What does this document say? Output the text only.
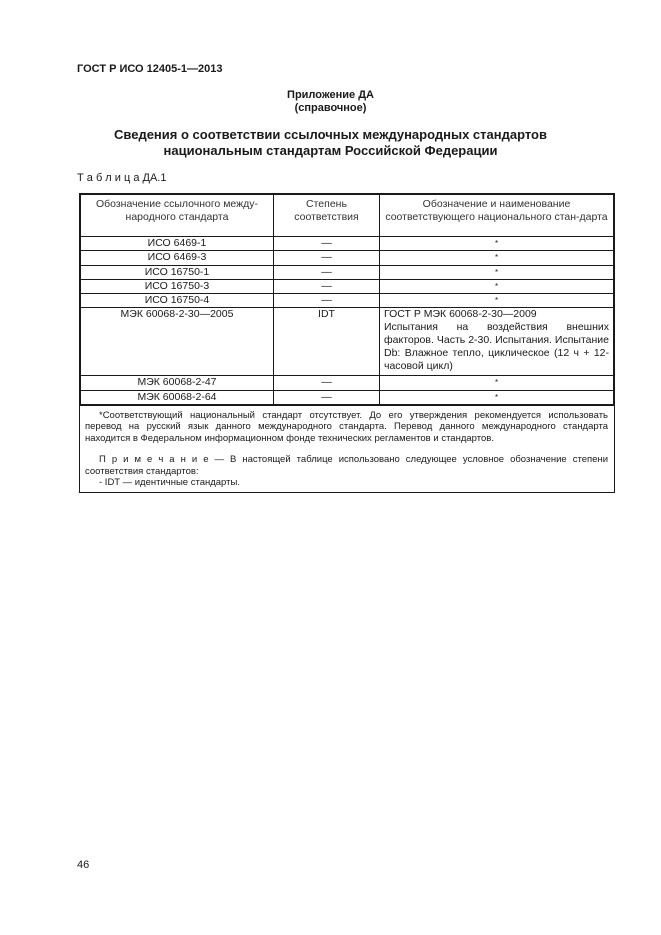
ГОСТ Р ИСО 12405-1—2013
Приложение ДА
(справочное)
Сведения о соответствии ссылочных международных стандартов
национальным стандартам Российской Федерации
Т а б л и ц а ДА.1
Обозначение ссылочного между-народного стандарта	Степень соответствия	Обозначение и наименование соответствующего национального стан-дарта
ИСО 6469-1	—	*
ИСО 6469-3	—	*
ИСО 16750-1	—	*
ИСО 16750-3	—	*
ИСО 16750-4	—	*
МЭК 60068-2-30—2005	IDT	ГОСТ Р МЭК 60068-2-30—2009
Испытания на воздействия внешних факторов. Часть 2-30. Испытания. Испытание Db: Влажное тепло, циклическое (12 ч + 12-часовой цикл)

МЭК 60068-2-47	—	*
МЭК 60068-2-64	—	*

*Соответствующий национальный стандарт отсутствует. До его утверждения рекомендуется использовать перевод на русский язык данного международного стандарта. Перевод данного международного стандарта находится в Федеральном информационном фонде технических регламентов и стандартов.

П р и м е ч а н и е — В настоящей таблице использовано следующее условное обозначение степени соответствия стандартов:

- IDT — идентичные стандарты.

46
